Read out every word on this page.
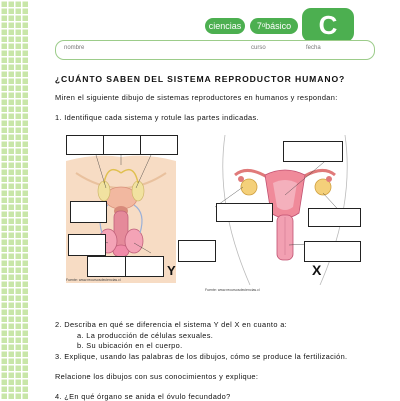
ciencias 7 o básico C
nombre	curso	fecha
¿CUÁNTO SABEN DEL SISTEMA REPRODUCTOR HUMANO?
Miren el siguiente dibujo de sistemas reproductores en humanos y respondan:
1. Identifique cada sistema y rotule las partes indicadas.
Fuente: www.recursosdeciencias.cl
Y
Fuente: www.recursosdeciencias.cl
X
2. Describa en qué se diferencia el sistema Y del X en cuanto a:
a. La producción de células sexuales.
b. Su ubicación en el cuerpo.
3. Explique, usando las palabras de los dibujos, cómo se produce la fertilización.
Relacione los dibujos con sus conocimientos y explique:
4. ¿En qué órgano se anida el óvulo fecundado?
